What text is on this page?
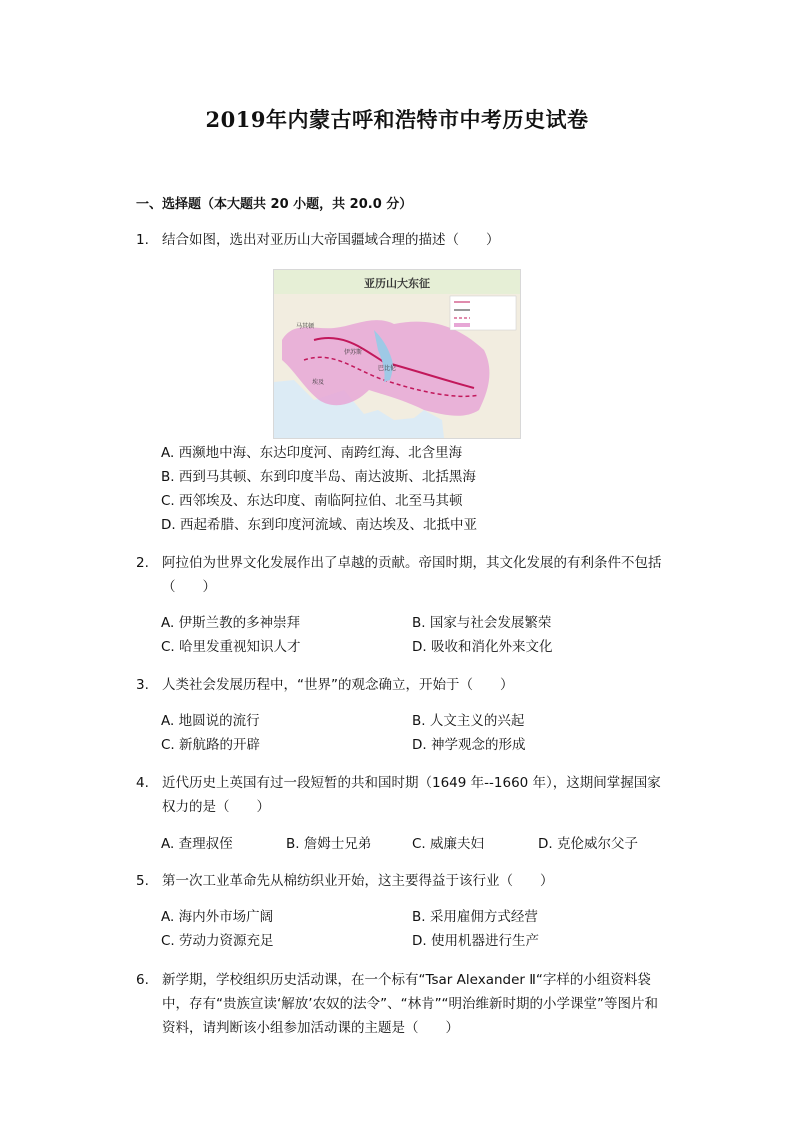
2019年内蒙古呼和浩特市中考历史试卷
一、选择题（本大题共 20 小题，共 20.0 分）
1. 结合如图，选出对亚历山大帝国疆域合理的描述（　　）
亚历山大东征
马其顿
伊苏斯
巴比伦
埃及
A. 西濒地中海、东达印度河、南跨红海、北含里海
B. 西到马其顿、东到印度半岛、南达波斯、北括黑海
C. 西邻埃及、东达印度、南临阿拉伯、北至马其顿
D. 西起希腊、东到印度河流域、南达埃及、北抵中亚
2. 阿拉伯为世界文化发展作出了卓越的贡献。帝国时期，其文化发展的有利条件不包括（　　）
A. 伊斯兰教的多神崇拜	B. 国家与社会发展繁荣
C. 哈里发重视知识人才	D. 吸收和消化外来文化
3. 人类社会发展历程中，“世界”的观念确立，开始于（　　）
A. 地圆说的流行	B. 人文主义的兴起
C. 新航路的开辟	D. 神学观念的形成
4. 近代历史上英国有过一段短暂的共和国时期（1649 年--1660 年），这期间掌握国家权力的是（　　）
A. 查理叔侄	B. 詹姆士兄弟	C. 威廉夫妇	D. 克伦威尔父子
5. 第一次工业革命先从棉纺织业开始，这主要得益于该行业（　　）
A. 海内外市场广阔	B. 采用雇佣方式经营
C. 劳动力资源充足	D. 使用机器进行生产
6. 新学期，学校组织历史活动课，在一个标有“Tsar Alexander Ⅱ“字样的小组资料袋中，存有“贵族宣读‘解放’农奴的法令”、“林肯”“明治维新时期的小学课堂”等图片和资料，请判断该小组参加活动课的主题是（　　）
